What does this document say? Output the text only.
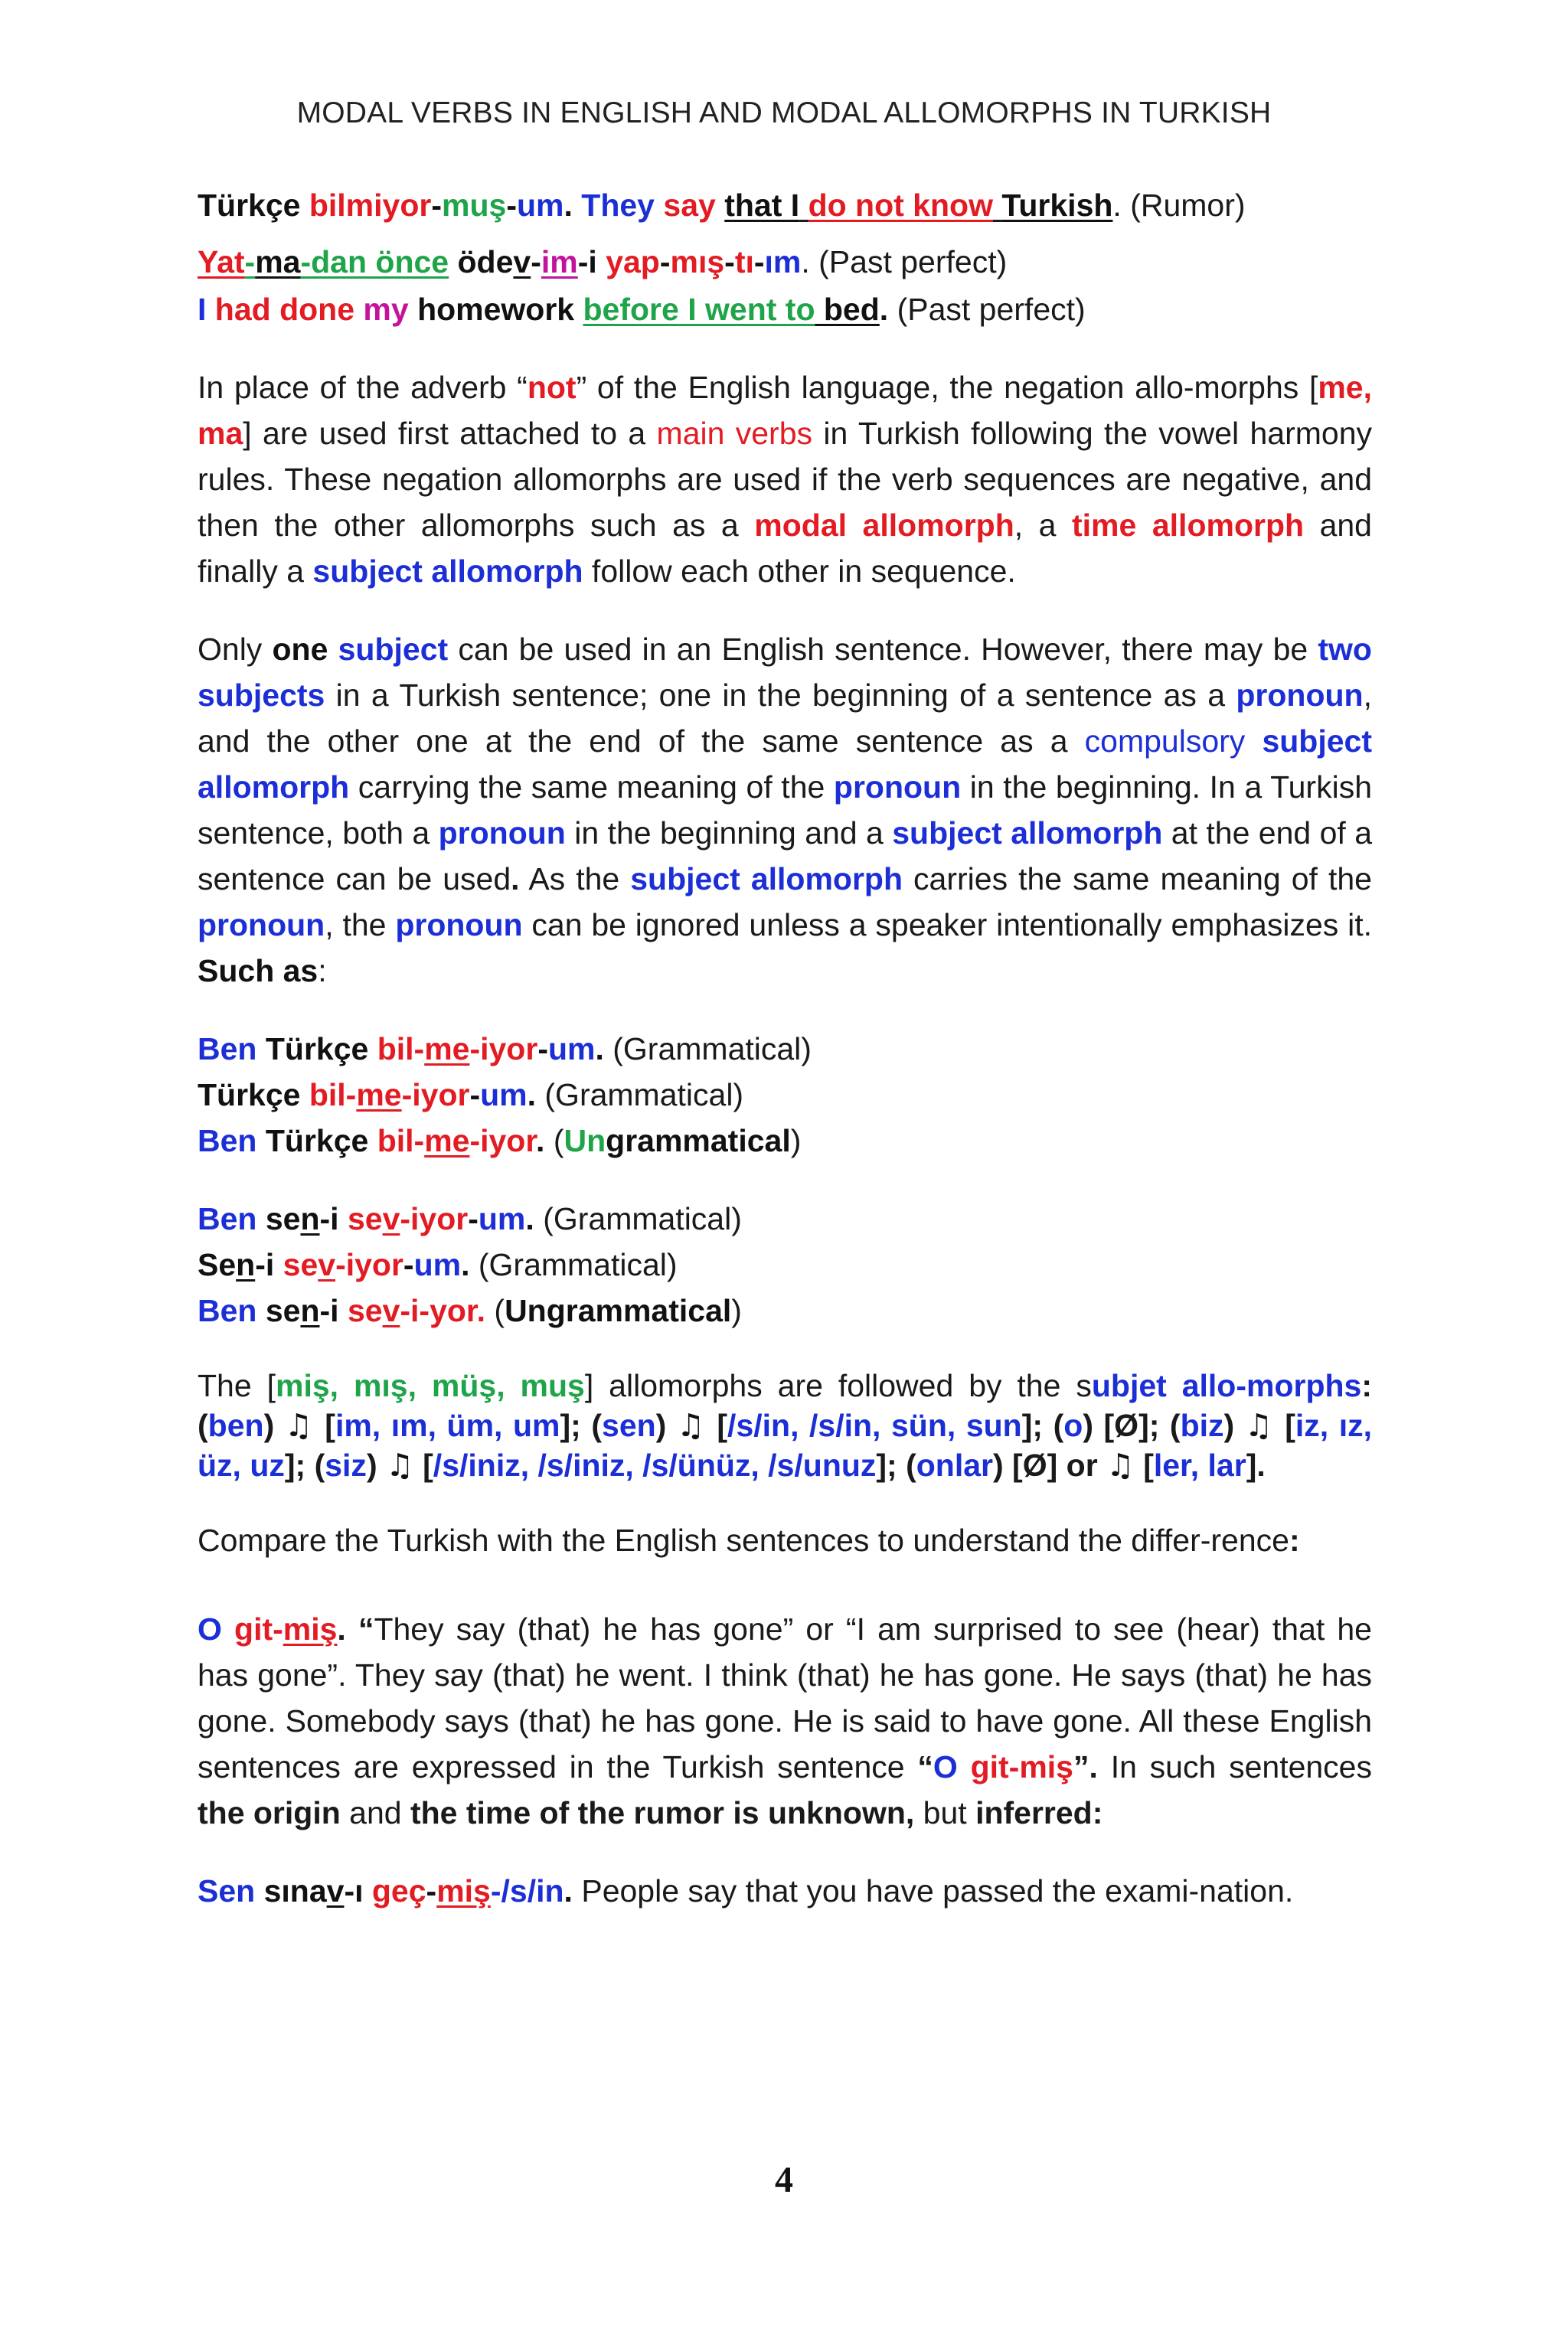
MODAL VERBS IN ENGLISH AND MODAL ALLOMORPHS IN TURKISH

Türkçe bilmiyor-muş-um. They say that I do not know Turkish. (Rumor)

Yat-ma-dan önce ödev-im-i yap-mış-tı-ım. (Past perfect)

I had done my homework before I went to bed. (Past perfect)

In place of the adverb “not” of the English language, the negation allo-morphs [me, ma] are used first attached to a main verbs in Turkish following the vowel harmony rules. These negation allomorphs are used if the verb sequences are negative, and then the other allomorphs such as a modal allomorph, a time allomorph and finally a subject allomorph follow each other in sequence.

Only one subject can be used in an English sentence. However, there may be two subjects in a Turkish sentence; one in the beginning of a sentence as a pronoun, and the other one at the end of the same sentence as a compulsory subject allomorph carrying the same meaning of the pronoun in the beginning. In a Turkish sentence, both a pronoun in the beginning and a subject allomorph at the end of a sentence can be used. As the subject allomorph carries the same meaning of the pronoun, the pronoun can be ignored unless a speaker intentionally emphasizes it. Such as:

Ben Türkçe bil-me-iyor-um. (Grammatical)

Türkçe bil-me-iyor-um. (Grammatical)

Ben Türkçe bil-me-iyor. (Ungrammatical)

Ben sen-i sev-iyor-um. (Grammatical)

Sen-i sev-iyor-um. (Grammatical)

Ben sen-i sev-i-yor. (Ungrammatical)

The [miş, mış, müş, muş] allomorphs are followed by the subjet allo-morphs: (ben) ♫ [im, ım, üm, um]; (sen) ♫ [/s/in, /s/in, sün, sun]; (o) [Ø]; (biz) ♫ [iz, ız, üz, uz]; (siz) ♫ [/s/iniz, /s/iniz, /s/ünüz, /s/unuz]; (onlar) [Ø] or ♫ [ler, lar].

Compare the Turkish with the English sentences to understand the differ-rence:

O git-miş. “They say (that) he has gone” or “I am surprised to see (hear) that he has gone”. They say (that) he went. I think (that) he has gone. He says (that) he has gone. Somebody says (that) he has gone. He is said to have gone. All these English sentences are expressed in the Turkish sentence “O git-miş”. In such sentences the origin and the time of the rumor is unknown, but inferred:

Sen sınav-ı geç-miş-/s/in. People say that you have passed the exami-nation.

4
